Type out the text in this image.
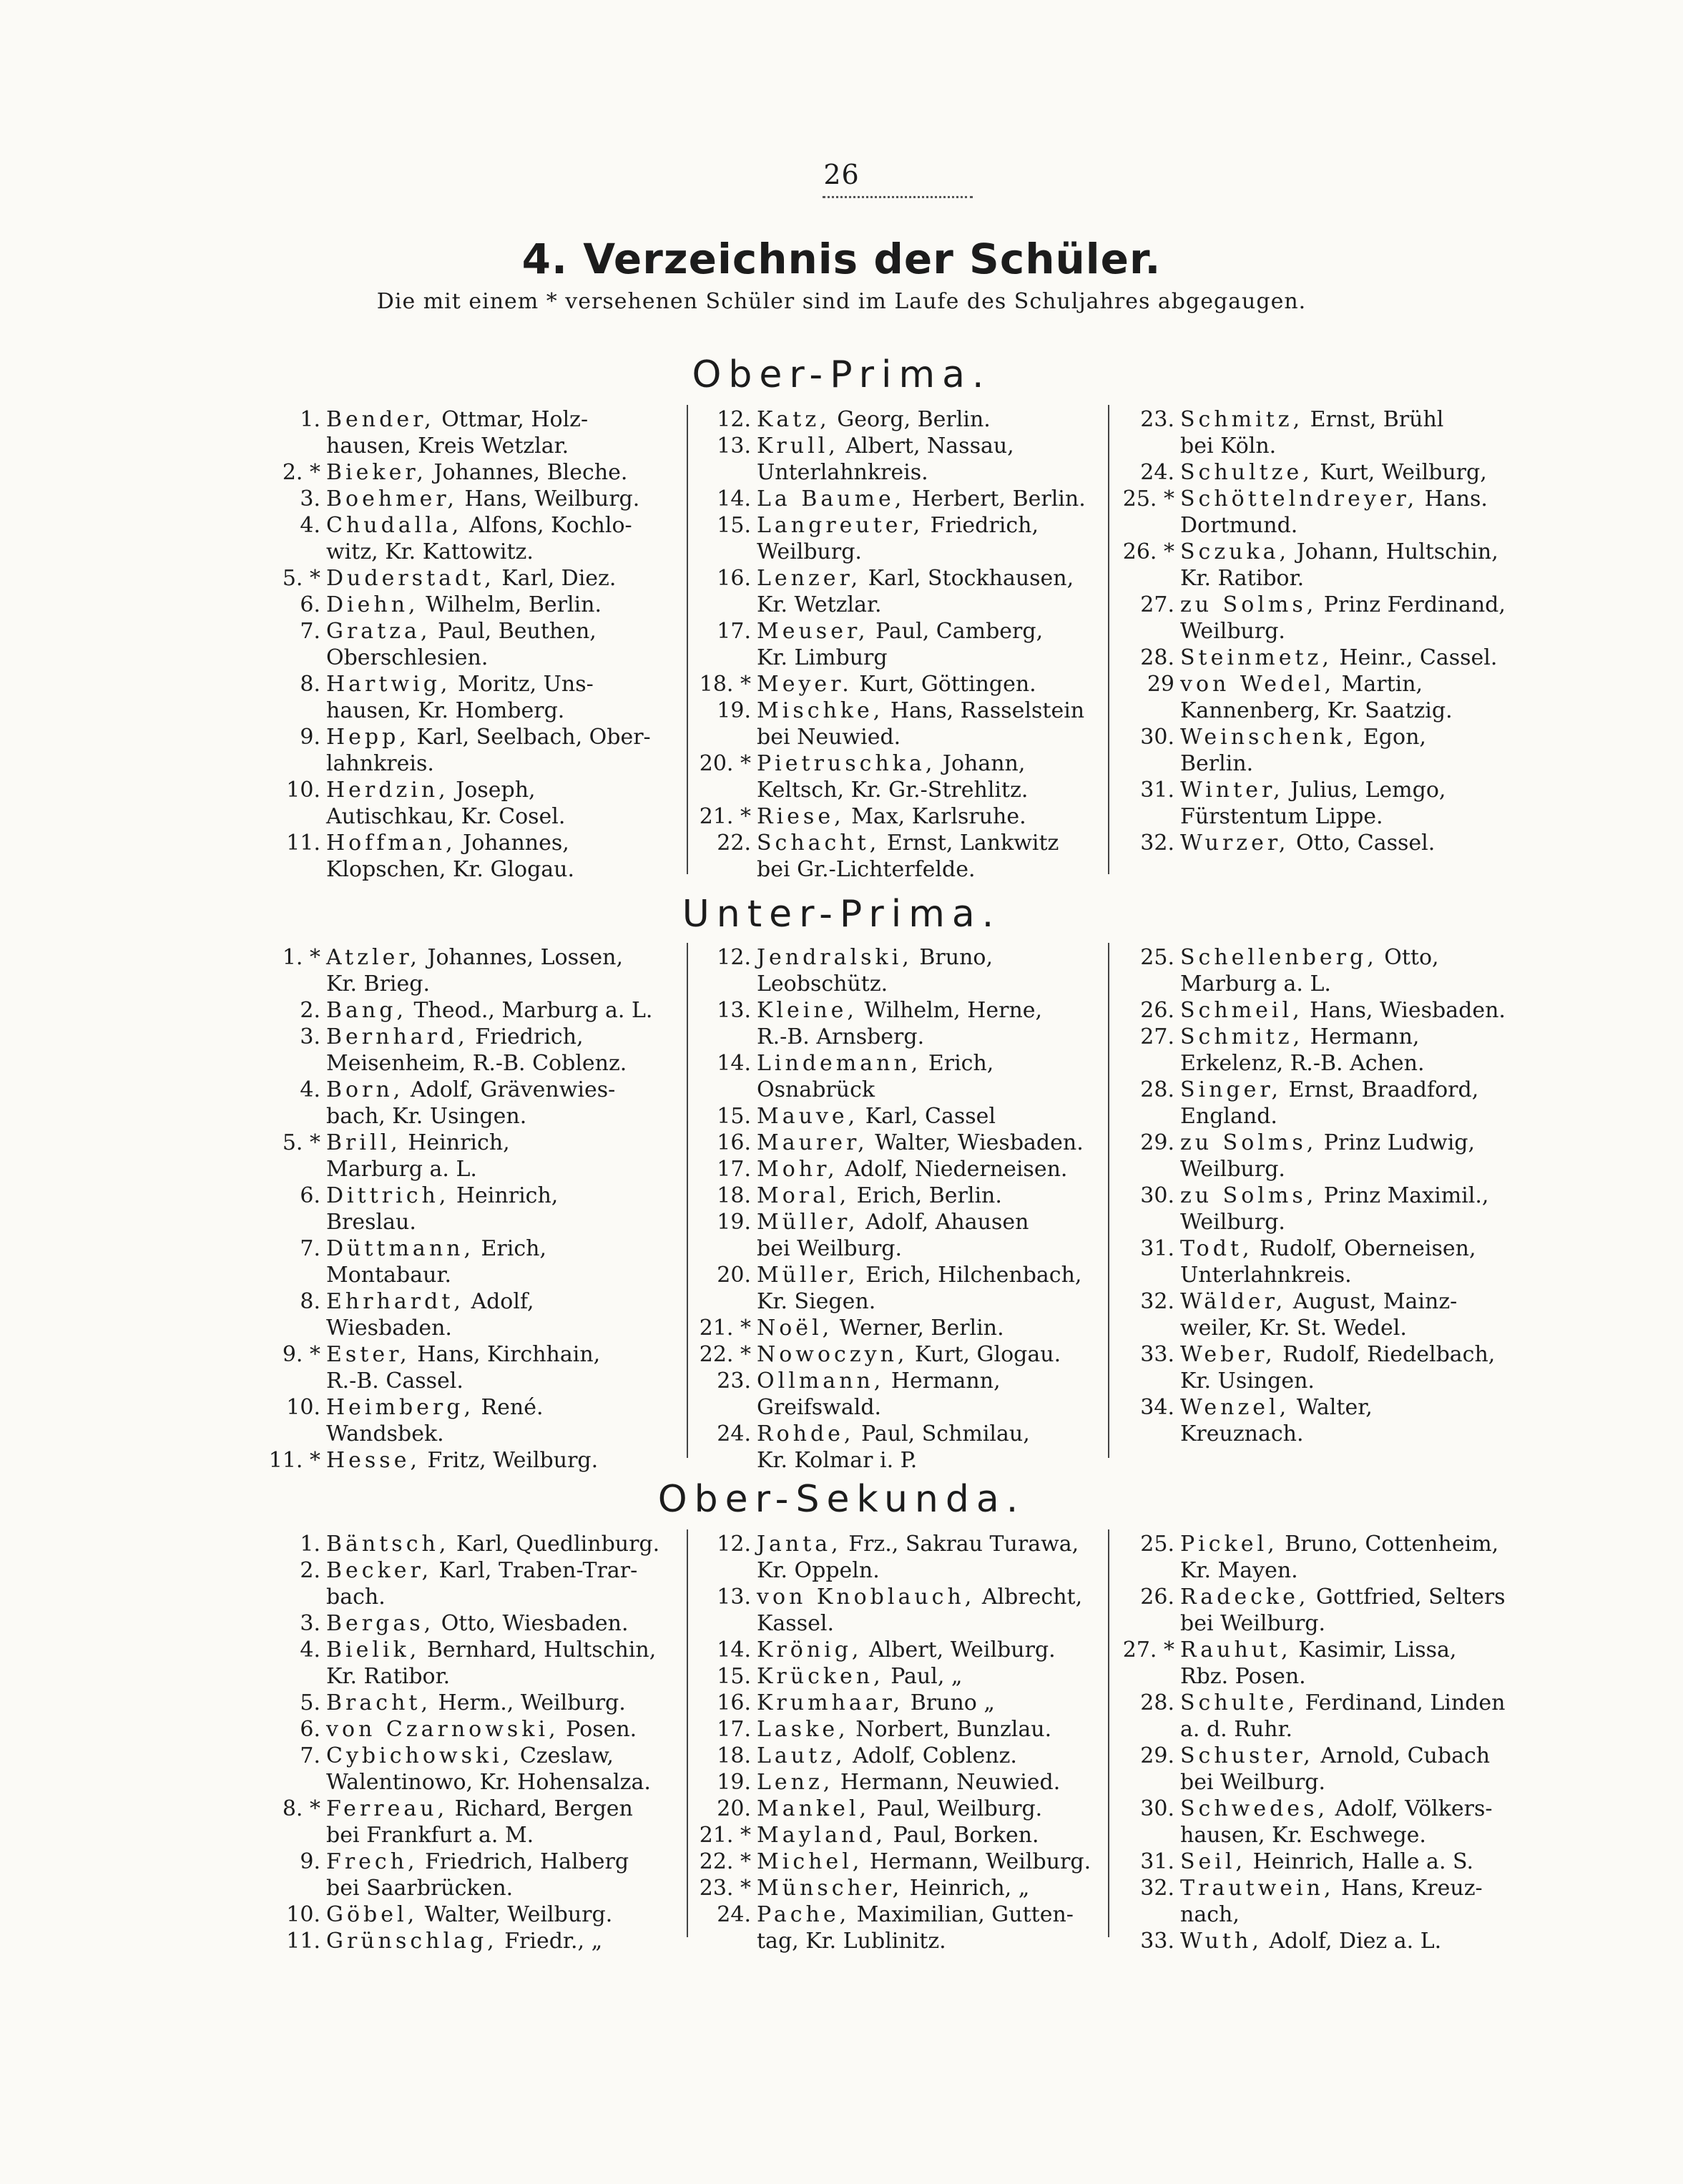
26
4. Verzeichnis der Schüler.
Die mit einem * versehenen Schüler sind im Laufe des Schuljahres abgegaugen.
Ober-Prima.
1. Bender, Ottmar, Holz-
hausen, Kreis Wetzlar.
2. * Bieker, Johannes, Bleche.
3. Boehmer, Hans, Weilburg.
4. Chudalla, Alfons, Kochlo-
witz, Kr. Kattowitz.
5. * Duderstadt, Karl, Diez.
6. Diehn, Wilhelm, Berlin.
7. Gratza, Paul, Beuthen,
Oberschlesien.
8. Hartwig, Moritz, Uns-
hausen, Kr. Homberg.
9. Hepp, Karl, Seelbach, Ober-
lahnkreis.
10. Herdzin, Joseph,
Autischkau, Kr. Cosel.
11. Hoffman, Johannes,
Klopschen, Kr. Glogau.
12. Katz, Georg, Berlin.
13. Krull, Albert, Nassau,
Unterlahnkreis.
14. La Baume, Herbert, Berlin.
15. Langreuter, Friedrich,
Weilburg.
16. Lenzer, Karl, Stockhausen,
Kr. Wetzlar.
17. Meuser, Paul, Camberg,
Kr. Limburg
18. * Meyer. Kurt, Göttingen.
19. Mischke, Hans, Rasselstein
bei Neuwied.
20. * Pietruschka, Johann,
Keltsch, Kr. Gr.-Strehlitz.
21. * Riese, Max, Karlsruhe.
22. Schacht, Ernst, Lankwitz
bei Gr.-Lichterfelde.
23. Schmitz, Ernst, Brühl
bei Köln.
24. Schultze, Kurt, Weilburg,
25. * Schöttelndreyer, Hans.
Dortmund.
26. * Sczuka, Johann, Hultschin,
Kr. Ratibor.
27. zu Solms, Prinz Ferdinand,
Weilburg.
28. Steinmetz, Heinr., Cassel.
29 von Wedel, Martin,
Kannenberg, Kr. Saatzig.
30. Weinschenk, Egon,
Berlin.
31. Winter, Julius, Lemgo,
Fürstentum Lippe.
32. Wurzer, Otto, Cassel.
Unter-Prima.
1. * Atzler, Johannes, Lossen,
Kr. Brieg.
2. Bang, Theod., Marburg a. L.
3. Bernhard, Friedrich,
Meisenheim, R.-B. Coblenz.
4. Born, Adolf, Grävenwies-
bach, Kr. Usingen.
5. * Brill, Heinrich,
Marburg a. L.
6. Dittrich, Heinrich,
Breslau.
7. Düttmann, Erich,
Montabaur.
8. Ehrhardt, Adolf,
Wiesbaden.
9. * Ester, Hans, Kirchhain,
R.-B. Cassel.
10. Heimberg, René.
Wandsbek.
11. * Hesse, Fritz, Weilburg.
12. Jendralski, Bruno,
Leobschütz.
13. Kleine, Wilhelm, Herne,
R.-B. Arnsberg.
14. Lindemann, Erich,
Osnabrück
15. Mauve, Karl, Cassel
16. Maurer, Walter, Wiesbaden.
17. Mohr, Adolf, Niederneisen.
18. Moral, Erich, Berlin.
19. Müller, Adolf, Ahausen
bei Weilburg.
20. Müller, Erich, Hilchenbach,
Kr. Siegen.
21. * Noël, Werner, Berlin.
22. * Nowoczyn, Kurt, Glogau.
23. Ollmann, Hermann,
Greifswald.
24. Rohde, Paul, Schmilau,
Kr. Kolmar i. P.
25. Schellenberg, Otto,
Marburg a. L.
26. Schmeil, Hans, Wiesbaden.
27. Schmitz, Hermann,
Erkelenz, R.-B. Achen.
28. Singer, Ernst, Braadford,
England.
29. zu Solms, Prinz Ludwig,
Weilburg.
30. zu Solms, Prinz Maximil.,
Weilburg.
31. Todt, Rudolf, Oberneisen,
Unterlahnkreis.
32. Wälder, August, Mainz-
weiler, Kr. St. Wedel.
33. Weber, Rudolf, Riedelbach,
Kr. Usingen.
34. Wenzel, Walter,
Kreuznach.
Ober-Sekunda.
1. Bäntsch, Karl, Quedlinburg.
2. Becker, Karl, Traben-Trar-
bach.
3. Bergas, Otto, Wiesbaden.
4. Bielik, Bernhard, Hultschin,
Kr. Ratibor.
5. Bracht, Herm., Weilburg.
6. von Czarnowski, Posen.
7. Cybichowski, Czeslaw,
Walentinowo, Kr. Hohensalza.
8. * Ferreau, Richard, Bergen
bei Frankfurt a. M.
9. Frech, Friedrich, Halberg
bei Saarbrücken.
10. Göbel, Walter, Weilburg.
11. Grünschlag, Friedr., „
12. Janta, Frz., Sakrau Turawa,
Kr. Oppeln.
13. von Knoblauch, Albrecht,
Kassel.
14. Krönig, Albert, Weilburg.
15. Krücken, Paul, „
16. Krumhaar, Bruno „
17. Laske, Norbert, Bunzlau.
18. Lautz, Adolf, Coblenz.
19. Lenz, Hermann, Neuwied.
20. Mankel, Paul, Weilburg.
21. * Mayland, Paul, Borken.
22. * Michel, Hermann, Weilburg.
23. * Münscher, Heinrich, „
24. Pache, Maximilian, Gutten-
tag, Kr. Lublinitz.
25. Pickel, Bruno, Cottenheim,
Kr. Mayen.
26. Radecke, Gottfried, Selters
bei Weilburg.
27. * Rauhut, Kasimir, Lissa,
Rbz. Posen.
28. Schulte, Ferdinand, Linden
a. d. Ruhr.
29. Schuster, Arnold, Cubach
bei Weilburg.
30. Schwedes, Adolf, Völkers-
hausen, Kr. Eschwege.
31. Seil, Heinrich, Halle a. S.
32. Trautwein, Hans, Kreuz-
nach,
33. Wuth, Adolf, Diez a. L.
